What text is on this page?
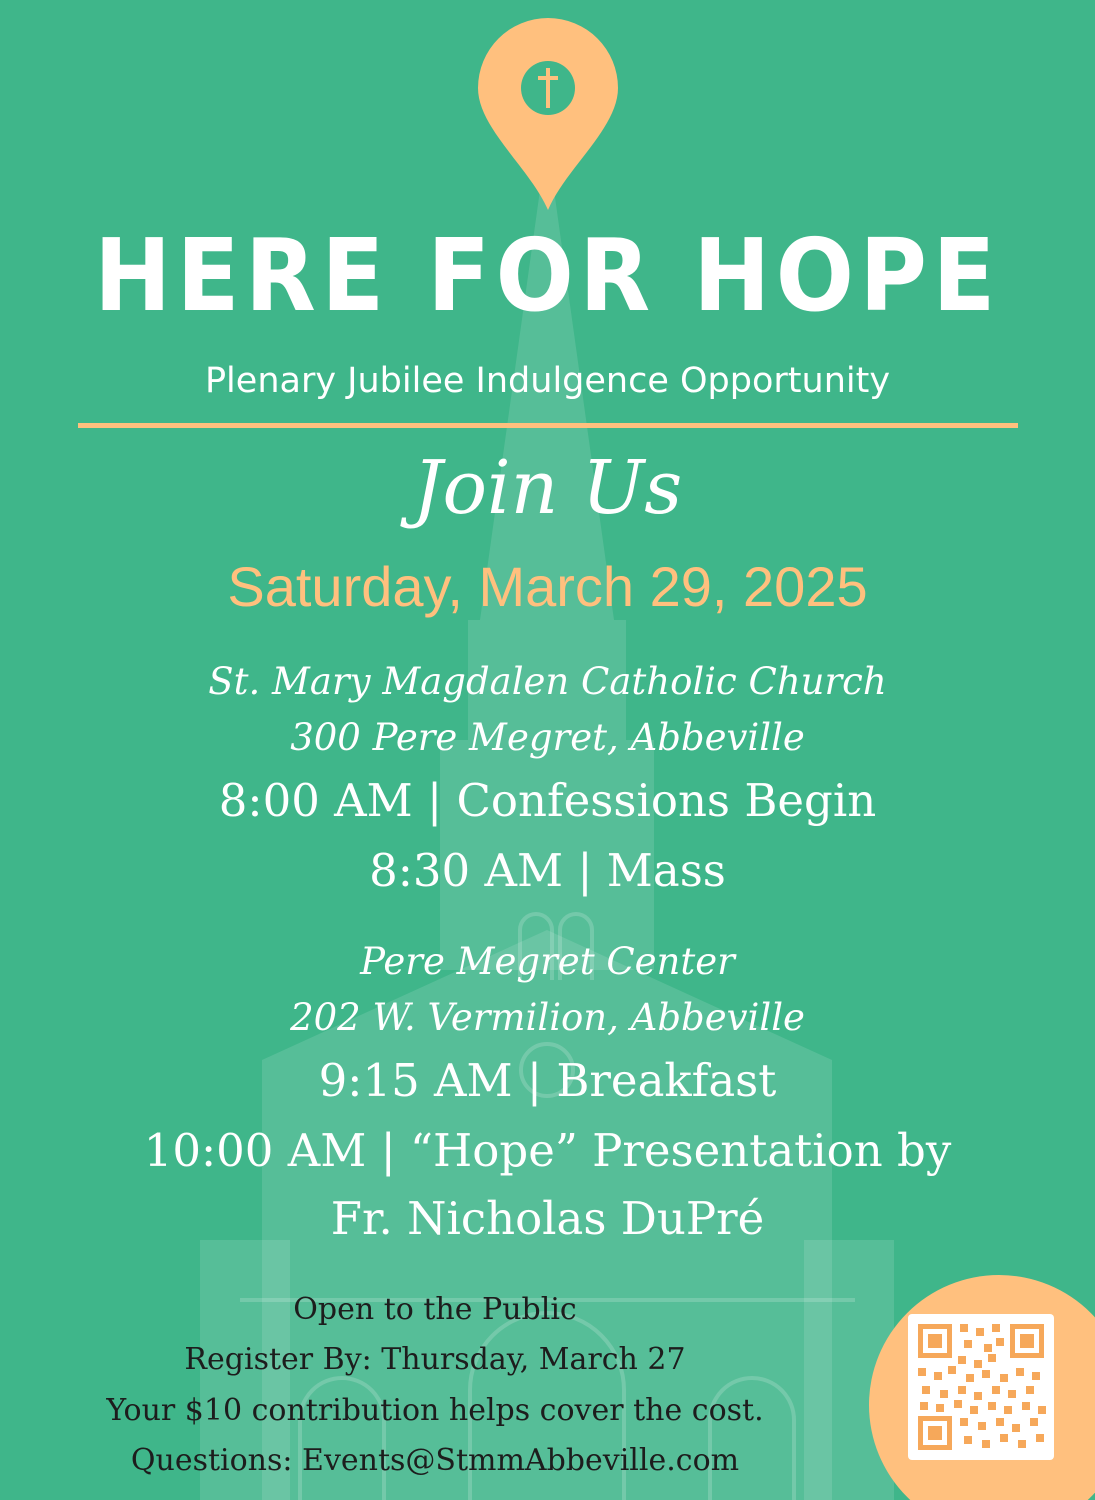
HERE FOR HOPE
Plenary Jubilee Indulgence Opportunity
Join Us
Saturday, March 29, 2025
St. Mary Magdalen Catholic Church
300 Pere Megret, Abbeville
8:00 AM | Confessions Begin
8:30 AM | Mass
Pere Megret Center
202 W. Vermilion, Abbeville
9:15 AM | Breakfast
10:00 AM | “Hope” Presentation by
Fr. Nicholas DuPré
Open to the Public
Register By: Thursday, March 27
Your $10 contribution helps cover the cost.
Questions: Events@StmmAbbeville.com
